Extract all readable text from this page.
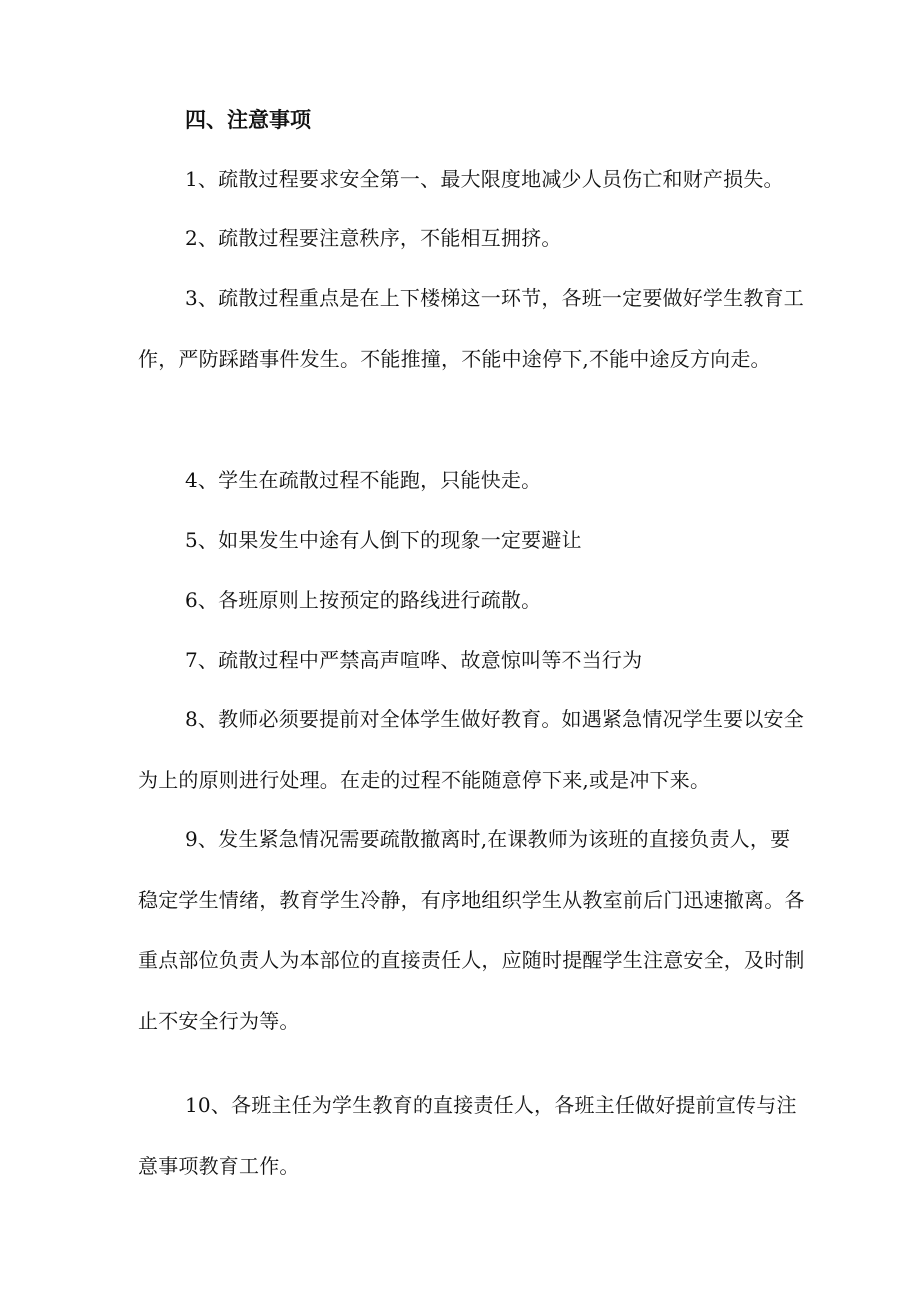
四、注意事项

1、疏散过程要求安全第一、最大限度地减少人员伤亡和财产损失。

2、疏散过程要注意秩序，不能相互拥挤。

3、疏散过程重点是在上下楼梯这一环节，各班一定要做好学生教育工作，严防踩踏事件发生。不能推撞，不能中途停下,不能中途反方向走。

4、学生在疏散过程不能跑，只能快走。

5、如果发生中途有人倒下的现象一定要避让

6、各班原则上按预定的路线进行疏散。

7、疏散过程中严禁高声喧哗、故意惊叫等不当行为

8、教师必须要提前对全体学生做好教育。如遇紧急情况学生要以安全为上的原则进行处理。在走的过程不能随意停下来,或是冲下来。

9、发生紧急情况需要疏散撤离时,在课教师为该班的直接负责人，要稳定学生情绪，教育学生冷静，有序地组织学生从教室前后门迅速撤离。各重点部位负责人为本部位的直接责任人，应随时提醒学生注意安全，及时制止不安全行为等。

10、各班主任为学生教育的直接责任人，各班主任做好提前宣传与注意事项教育工作。
